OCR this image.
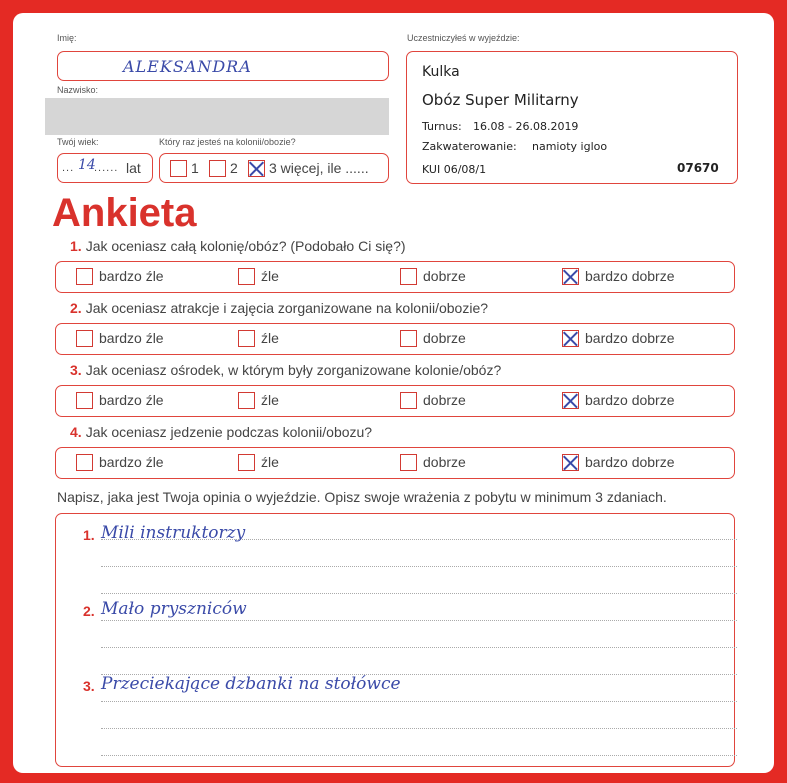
Imię:
ALEKSANDRA
Nazwisko:
Twój wiek:
... 14
...... lat
Który raz jesteś na kolonii/obozie?
1 2 3 więcej, ile ......
Uczestniczyłeś w wyjeździe:
Kulka
Obóz Super Militarny
Turnus: 16.08 - 26.08.2019
Zakwaterowanie: namioty igloo
KUI 06/08/1	07670
Ankieta
1. Jak oceniasz całą kolonię/obóz? (Podobało Ci się?)
bardzo źle	źle	dobrze	bardzo dobrze
2. Jak oceniasz atrakcje i zajęcia zorganizowane na kolonii/obozie?
bardzo źle	źle	dobrze	bardzo dobrze
3. Jak oceniasz ośrodek, w którym były zorganizowane kolonie/obóz?
bardzo źle	źle	dobrze	bardzo dobrze
4. Jak oceniasz jedzenie podczas kolonii/obozu?
bardzo źle	źle	dobrze	bardzo dobrze
Napisz, jaka jest Twoja opinia o wyjeździe. Opisz swoje wrażenia z pobytu w minimum 3 zdaniach.
1. Mili instruktorzy
2. Mało pryszniców
3. Przeciekające dzbanki na stołówce
